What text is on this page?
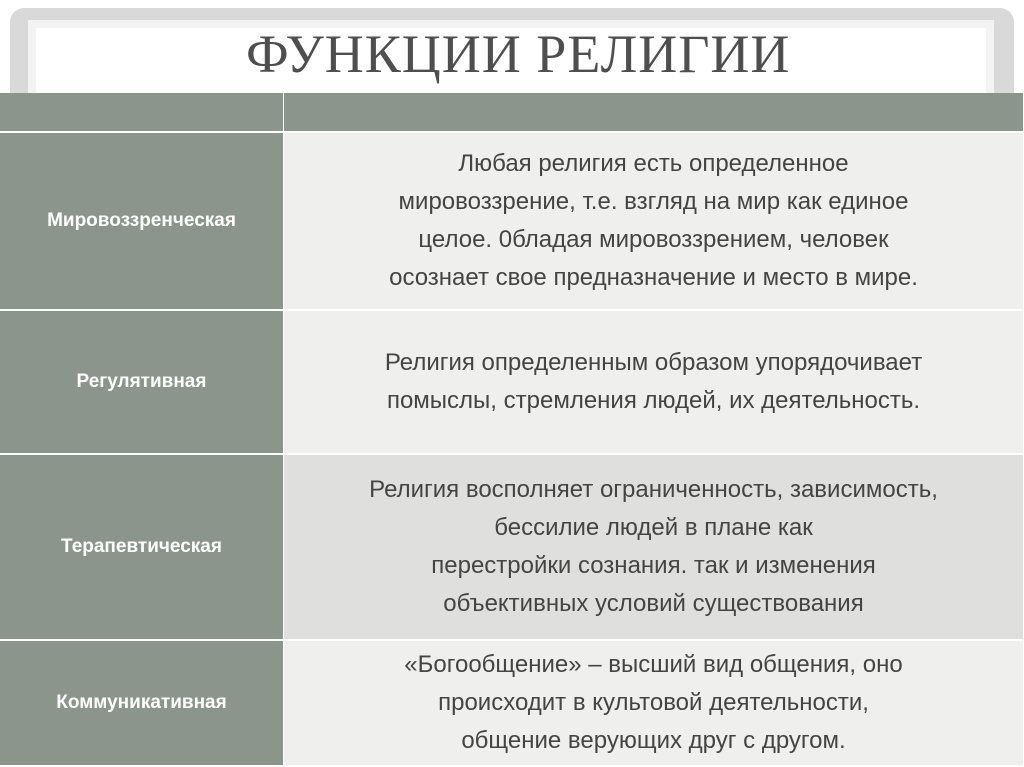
ФУНКЦИИ РЕЛИГИИ
Мировоззренческая
Любая религия есть определенное
мировоззрение, т.е. взгляд на мир как единое
целое. 0бладая мировоззрением, человек
осознает свое предназначение и место в мире.
Регулятивная
Религия определенным образом упорядочивает
помыслы, стремления людей, их деятельность.
Терапевтическая
Религия восполняет ограниченность, зависимость,
бессилие людей в плане как
перестройки сознания. так и изменения
объективных условий существования
Коммуникативная
«Богообщение» – высший вид общения, оно
происходит в культовой деятельности,
общение верующих друг с другом.
